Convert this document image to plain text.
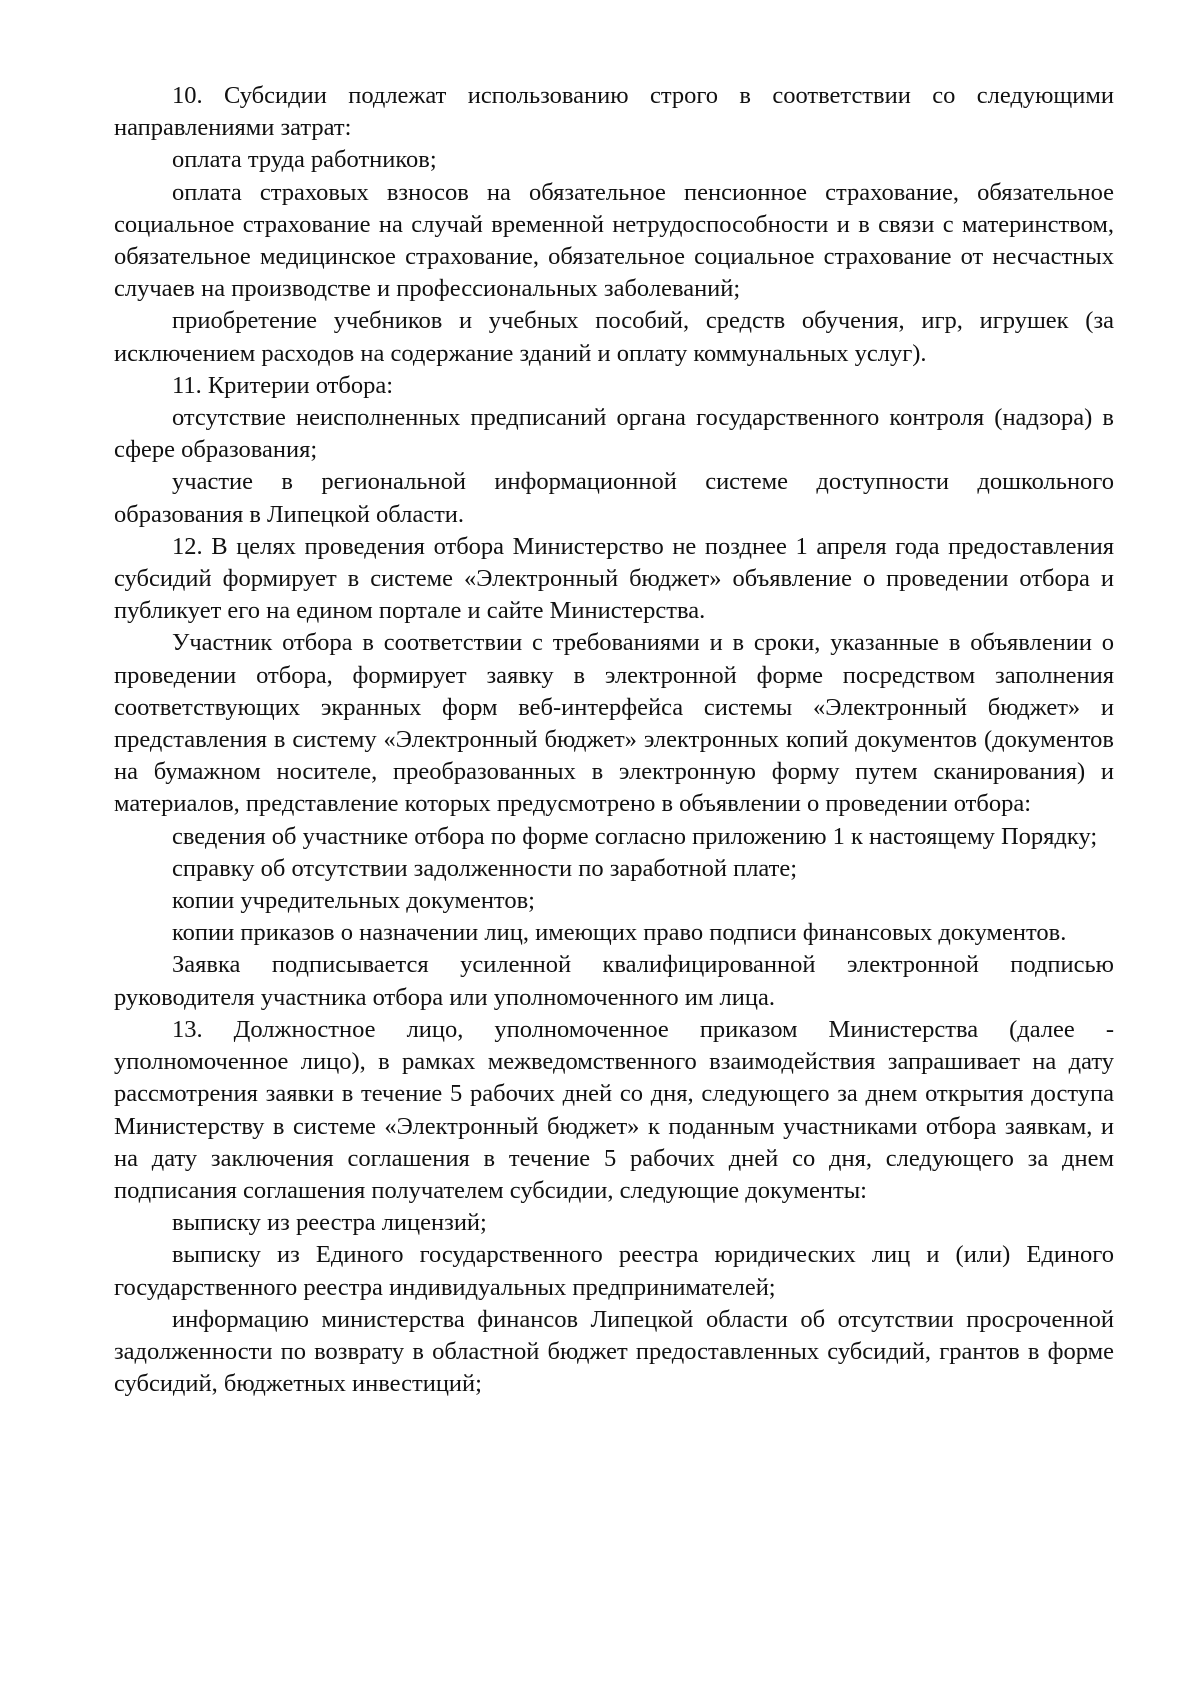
10. Субсидии подлежат использованию строго в соответствии со следующими направлениями затрат:

оплата труда работников;

оплата страховых взносов на обязательное пенсионное страхование, обязательное социальное страхование на случай временной нетрудоспособности и в связи с материнством, обязательное медицинское страхование, обязательное социальное страхование от несчастных случаев на производстве и профессиональных заболеваний;

приобретение учебников и учебных пособий, средств обучения, игр, игрушек (за исключением расходов на содержание зданий и оплату коммунальных услуг).

11. Критерии отбора:

отсутствие неисполненных предписаний органа государственного контроля (надзора) в сфере образования;

участие в региональной информационной системе доступности дошкольного образования в Липецкой области.

12. В целях проведения отбора Министерство не позднее 1 апреля года предоставления субсидий формирует в системе «Электронный бюджет» объявление о проведении отбора и публикует его на едином портале и сайте Министерства.

Участник отбора в соответствии с требованиями и в сроки, указанные в объявлении о проведении отбора, формирует заявку в электронной форме посредством заполнения соответствующих экранных форм веб-интерфейса системы «Электронный бюджет» и представления в систему «Электронный бюджет» электронных копий документов (документов на бумажном носителе, преобразованных в электронную форму путем сканирования) и материалов, представление которых предусмотрено в объявлении о проведении отбора:

сведения об участнике отбора по форме согласно приложению 1 к настоящему Порядку;

справку об отсутствии задолженности по заработной плате;

копии учредительных документов;

копии приказов о назначении лиц, имеющих право подписи финансовых документов.

Заявка подписывается усиленной квалифицированной электронной подписью руководителя участника отбора или уполномоченного им лица.

13. Должностное лицо, уполномоченное приказом Министерства (далее - уполномоченное лицо), в рамках межведомственного взаимодействия запрашивает на дату рассмотрения заявки в течение 5 рабочих дней со дня, следующего за днем открытия доступа Министерству в системе «Электронный бюджет» к поданным участниками отбора заявкам, и на дату заключения соглашения в течение 5 рабочих дней со дня, следующего за днем подписания соглашения получателем субсидии, следующие документы:

выписку из реестра лицензий;

выписку из Единого государственного реестра юридических лиц и (или) Единого государственного реестра индивидуальных предпринимателей;

информацию министерства финансов Липецкой области об отсутствии просроченной задолженности по возврату в областной бюджет предоставленных субсидий, грантов в форме субсидий, бюджетных инвестиций;
